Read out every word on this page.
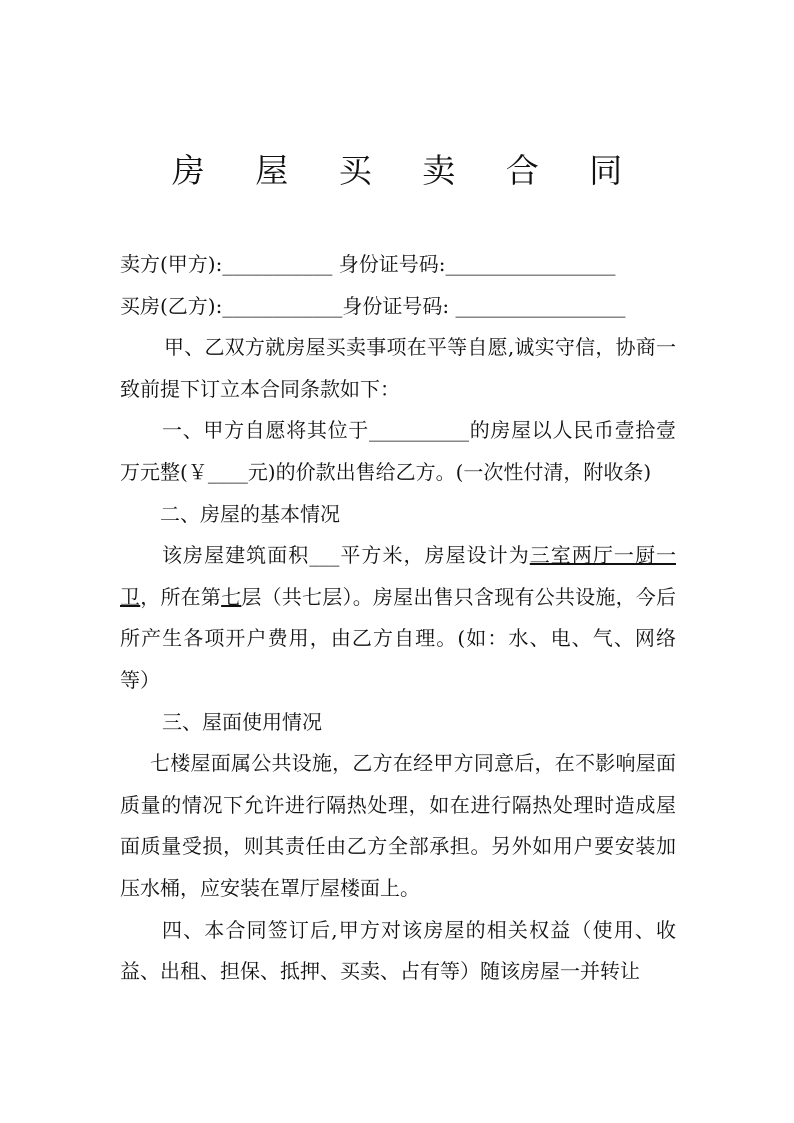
房 屋 买 卖 合 同
卖方(甲方):___________ 身份证号码:_________________
买房(乙方):____________身份证号码: _________________

甲、乙双方就房屋买卖事项在平等自愿,诚实守信，协商一致前提下订立本合同条款如下：

一、甲方自愿将其位于__________的房屋以人民币壹拾壹万元整(￥____元)的价款出售给乙方。(一次性付清，附收条)

二、房屋的基本情况

该房屋建筑面积___平方米，房屋设计为三室两厅一厨一卫，所在第七层（共七层）。房屋出售只含现有公共设施，今后所产生各项开户费用，由乙方自理。(如：水、电、气、网络等）

三、屋面使用情况

七楼屋面属公共设施，乙方在经甲方同意后，在不影响屋面质量的情况下允许进行隔热处理，如在进行隔热处理时造成屋面质量受损，则其责任由乙方全部承担。另外如用户要安装加压水桶，应安装在罩厅屋楼面上。

四、本合同签订后,甲方对该房屋的相关权益（使用、收益、出租、担保、抵押、买卖、占有等）随该房屋一并转让
